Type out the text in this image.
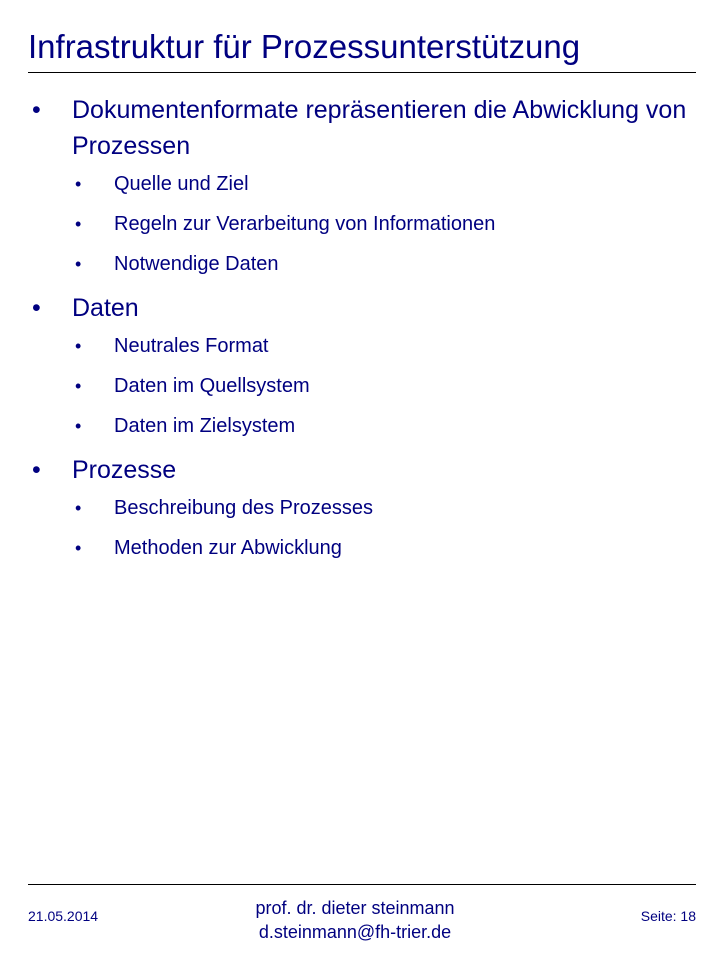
Infrastruktur für Prozessunterstützung
• Dokumentenformate repräsentieren die Abwicklung von Prozessen
• Quelle und Ziel
• Regeln zur Verarbeitung von Informationen
• Notwendige Daten
• Daten
• Neutrales Format
• Daten im Quellsystem
• Daten im Zielsystem
• Prozesse
• Beschreibung des Prozesses
• Methoden zur Abwicklung
21.05.2014	prof. dr. dieter steinmann
d.steinmann@fh-trier.de
Seite: 18
